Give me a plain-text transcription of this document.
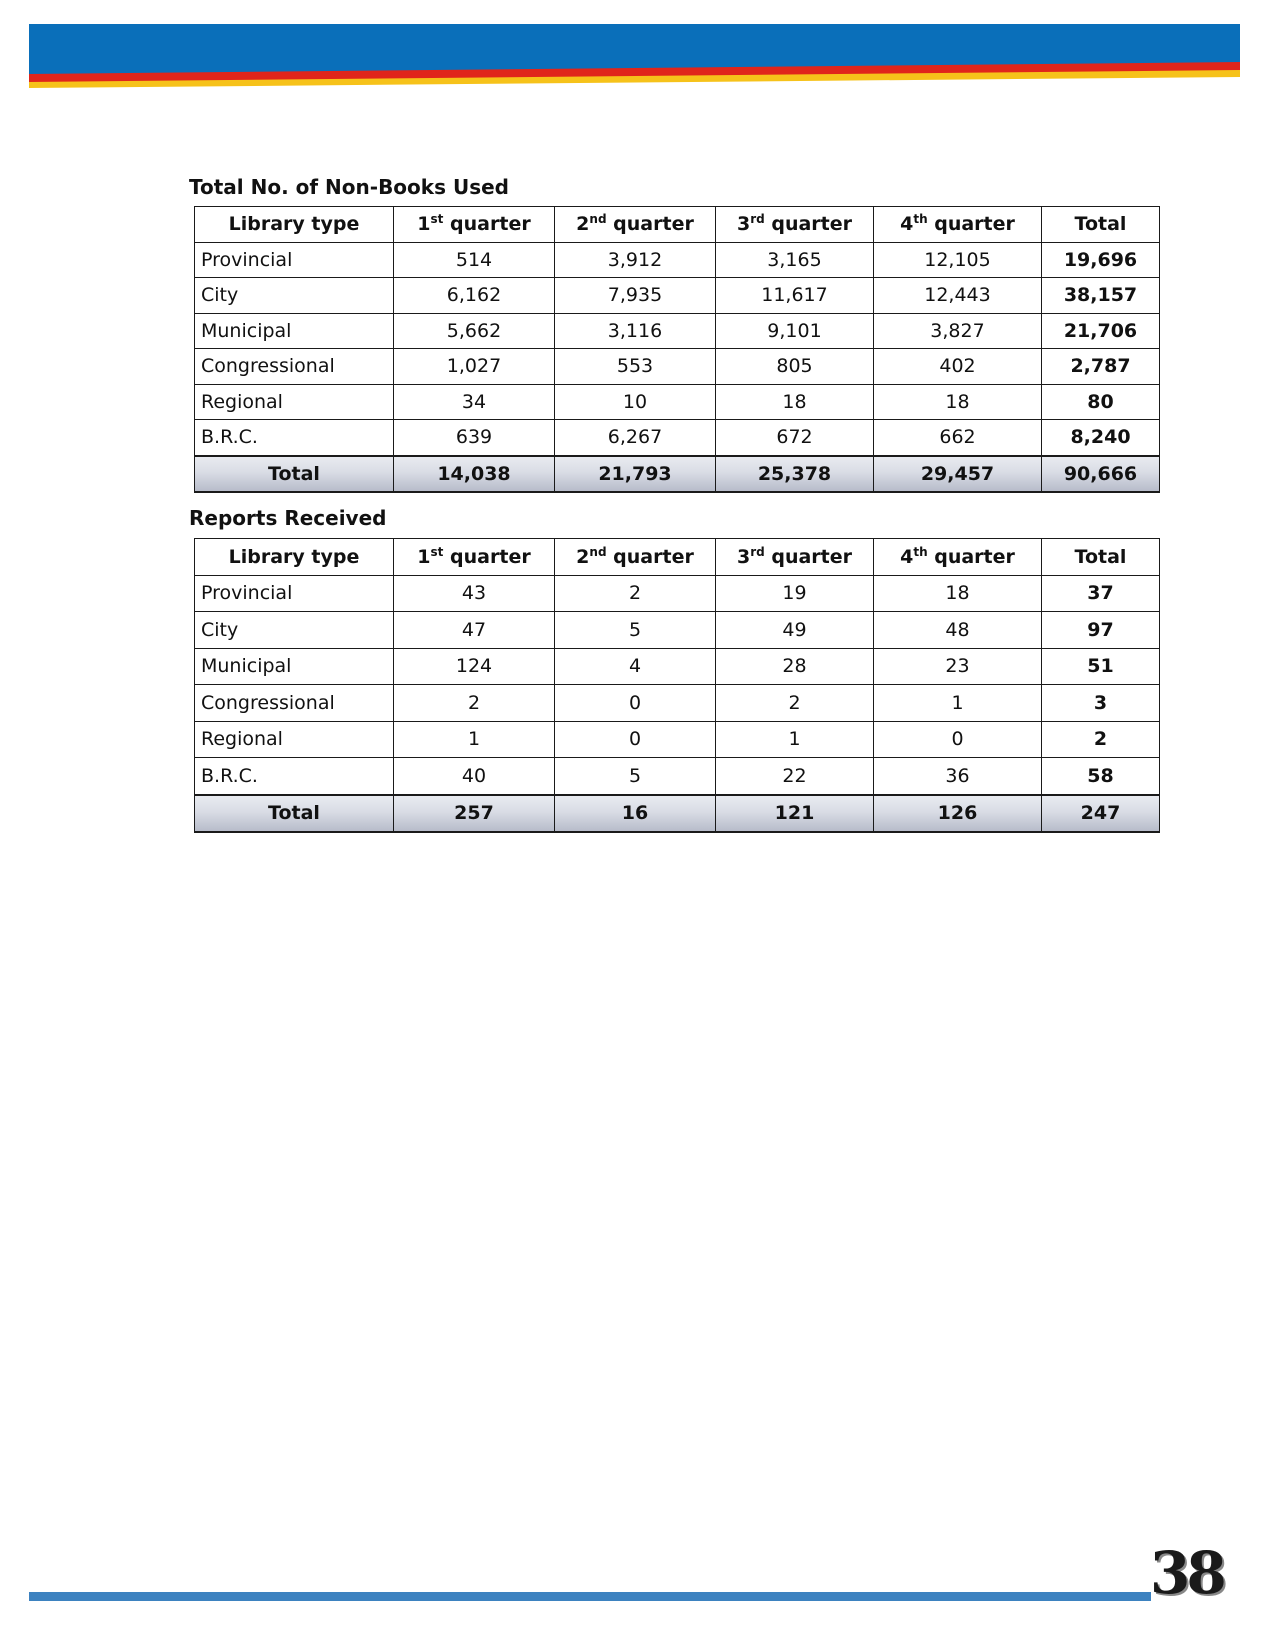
Total No. of Non-Books Used
Library type	1st quarter	2nd quarter	3rd quarter	4th quarter	Total
Provincial	514	3,912	3,165	12,105	19,696
City	6,162	7,935	11,617	12,443	38,157
Municipal	5,662	3,116	9,101	3,827	21,706
Congressional	1,027	553	805	402	2,787
Regional	34	10	18	18	80
B.R.C.	639	6,267	672	662	8,240
Total	14,038	21,793	25,378	29,457	90,666
Reports Received
Library type	1st quarter	2nd quarter	3rd quarter	4th quarter	Total
Provincial	43	2	19	18	37
City	47	5	49	48	97
Municipal	124	4	28	23	51
Congressional	2	0	2	1	3
Regional	1	0	1	0	2
B.R.C.	40	5	22	36	58
Total	257	16	121	126	247
38
